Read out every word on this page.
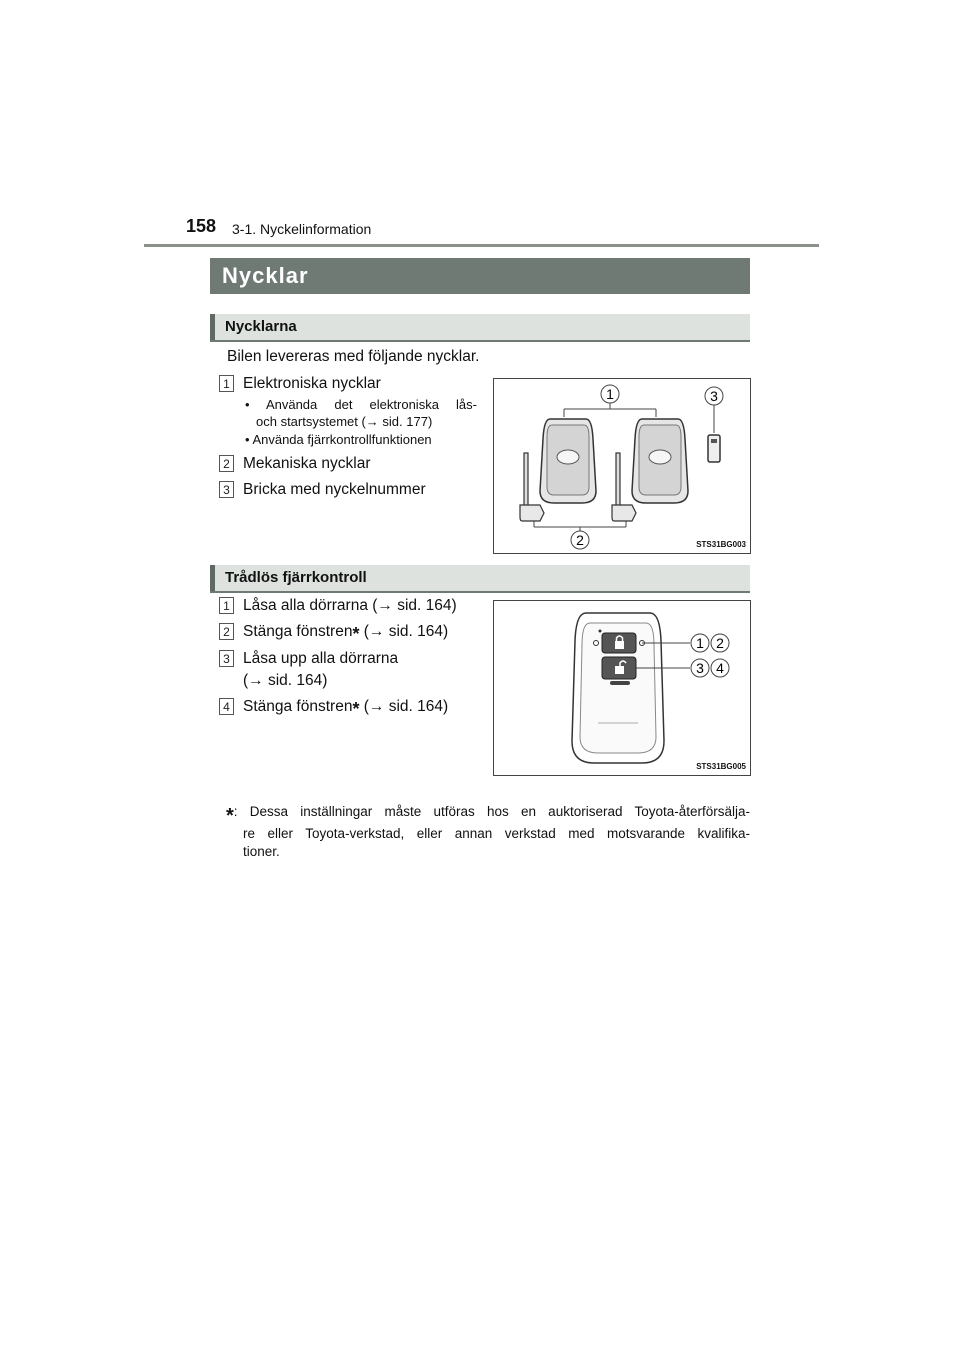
158 3-1. Nyckelinformation
Nycklar
Nycklarna
Bilen levereras med följande nycklar.
1 Elektroniska nycklar
• Använda det elektroniska lås-
och startsystemet (→ sid. 177)
• Använda fjärrkontrollfunktionen
2 Mekaniska nycklar
3 Bricka med nyckelnummer
1	3
2	STS31BG003
Trådlös fjärrkontroll
1 Låsa alla dörrarna (→ sid. 164)
2 Stänga fönstren* (→ sid. 164)
3 Låsa upp alla dörrarna
(→ sid. 164)
4 Stänga fönstren* (→ sid. 164)
1 2
3 4
STS31BG005
*: Dessa inställningar måste utföras hos en auktoriserad Toyota-återförsälja-
re eller Toyota-verkstad, eller annan verkstad med motsvarande kvalifika-
tioner.
